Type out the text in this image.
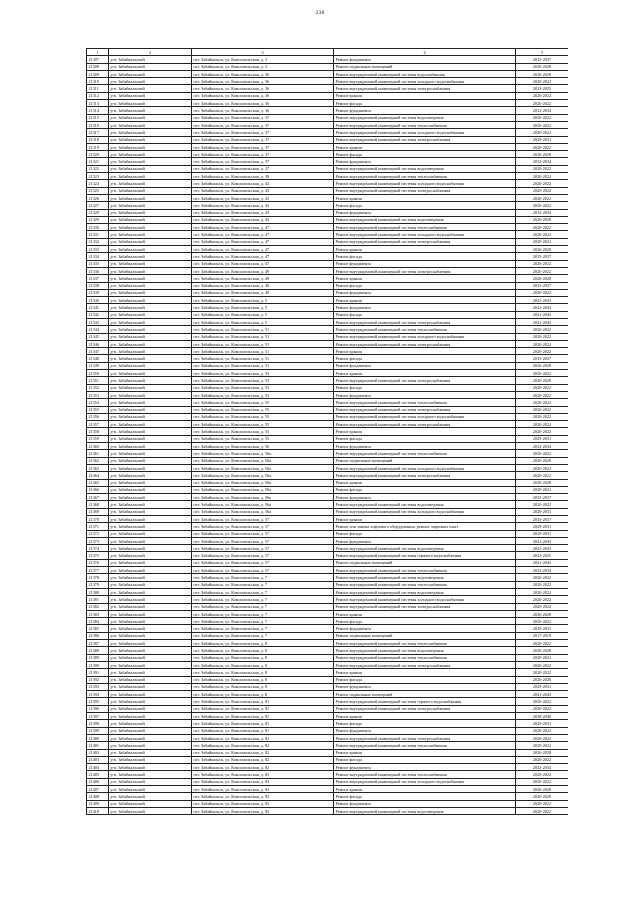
238
1	2	3	4	5
21307	р-п. Забайкальский	пгт. Забайкальск, ул. Комсомольская, д. 3	Ремонт фундамента	2035-2037
21308	р-п. Забайкальский	пгт. Забайкальск, ул. Комсомольская, д. 3	Ремонт подвальных помещений	2026-2028
21309	р-п. Забайкальский	пгт. Забайкальск, ул. Комсомольская, д. 36	Ремонт внутридомовой инженерной системы водоснабжения	2026-2028
21310	р-п. Забайкальский	пгт. Забайкальск, ул. Комсомольская, д. 36	Ремонт внутридомовой инженерной системы холодного водоснабжения	2020-2022
21311	р-п. Забайкальский	пгт. Забайкальск, ул. Комсомольская, д. 36	Ремонт внутридомовой инженерной системы электроснабжения	2023-2025
21312	р-п. Забайкальский	пгт. Забайкальск, ул. Комсомольская, д. 36	Ремонт крыши	2020-2022
21313	р-п. Забайкальский	пгт. Забайкальск, ул. Комсомольская, д. 36	Ремонт фасада	2020-2022
21314	р-п. Забайкальский	пгт. Забайкальск, ул. Комсомольская, д. 36	Ремонт фундамента	2032-2034
21315	р-п. Забайкальский	пгт. Забайкальск, ул. Комсомольская, д. 37	Ремонт внутридомовой инженерной системы водоотведения	2020-2022
21316	р-п. Забайкальский	пгт. Забайкальск, ул. Комсомольская, д. 37	Ремонт внутридомовой инженерной системы теплоснабжения	2020-2022
21317	р-п. Забайкальский	пгт. Забайкальск, ул. Комсомольская, д. 37	Ремонт внутридомовой инженерной системы холодного водоснабжения	2020-2022
21318	р-п. Забайкальский	пгт. Забайкальск, ул. Комсомольская, д. 37	Ремонт внутридомовой инженерной системы электроснабжения	2029-2031
21319	р-п. Забайкальский	пгт. Забайкальск, ул. Комсомольская, д. 37	Ремонт крыши	2020-2022
21320	р-п. Забайкальский	пгт. Забайкальск, ул. Комсомольская, д. 37	Ремонт фасада	2026-2028
21321	р-п. Забайкальский	пгт. Забайкальск, ул. Комсомольская, д. 37	Ремонт фундамента	2032-2034
21322	р-п. Забайкальский	пгт. Забайкальск, ул. Комсомольская, д. 37	Ремонт внутридомовой инженерной системы водоотведения	2020-2022
21323	р-п. Забайкальский	пгт. Забайкальск, ул. Комсомольская, д. 38	Ремонт внутридомовой инженерной системы теплоснабжения	2020-2022
21324	р-п. Забайкальский	пгт. Забайкальск, ул. Комсомольская, д. 43	Ремонт внутридомовой инженерной системы холодного водоснабжения	2020-2022
21325	р-п. Забайкальский	пгт. Забайкальск, ул. Комсомольская, д. 43	Ремонт внутридомовой инженерной системы электроснабжения	2020-2022
21326	р-п. Забайкальский	пгт. Забайкальск, ул. Комсомольская, д. 43	Ремонт крыши	2020-2022
21327	р-п. Забайкальский	пгт. Забайкальск, ул. Комсомольская, д. 43	Ремонт фасада	2020-2022
21328	р-п. Забайкальский	пгт. Забайкальск, ул. Комсомольская, д. 43	Ремонт фундамента	2032-2034
21329	р-п. Забайкальский	пгт. Забайкальск, ул. Комсомольская, д. 43	Ремонт внутридомовой инженерной системы водоотведения	2026-2028
21330	р-п. Забайкальский	пгт. Забайкальск, ул. Комсомольская, д. 47	Ремонт внутридомовой инженерной системы теплоснабжения	2020-2022
21331	р-п. Забайкальский	пгт. Забайкальск, ул. Комсомольская, д. 47	Ремонт внутридомовой инженерной системы холодного водоснабжения	2020-2022
21332	р-п. Забайкальский	пгт. Забайкальск, ул. Комсомольская, д. 47	Ремонт внутридомовой инженерной системы электроснабжения	2020-2022
21333	р-п. Забайкальский	пгт. Забайкальск, ул. Комсомольская, д. 47	Ремонт крыши	2026-2028
21334	р-п. Забайкальский	пгт. Забайкальск, ул. Комсомольская, д. 47	Ремонт фасада	2035-2037
21335	р-п. Забайкальский	пгт. Забайкальск, ул. Комсомольская, д. 47	Ремонт фундамента	2020-2022
21336	р-п. Забайкальский	пгт. Забайкальск, ул. Комсомольская, д. 49	Ремонт внутридомовой инженерной системы электроснабжения	2020-2022
21337	р-п. Забайкальский	пгт. Забайкальск, ул. Комсомольская, д. 49	Ремонт крыши	2026-2028
21338	р-п. Забайкальский	пгт. Забайкальск, ул. Комсомольская, д. 49	Ремонт фасада	2035-2037
21339	р-п. Забайкальский	пгт. Забайкальск, ул. Комсомольская, д. 49	Ремонт фундамента	2020-2022
21340	р-п. Забайкальский	пгт. Забайкальск, ул. Комсомольская, д. 5	Ремонт крыши	2041-2043
21341	р-п. Забайкальский	пгт. Забайкальск, ул. Комсомольская, д. 5	Ремонт фундамента	2041-2043
21342	р-п. Забайкальский	пгт. Забайкальск, ул. Комсомольская, д. 5	Ремонт фасада	2041-2043
21343	р-п. Забайкальский	пгт. Забайкальск, ул. Комсомольская, д. 5	Ремонт внутридомовой инженерной системы электроснабжения	2041-2043
21344	р-п. Забайкальский	пгт. Забайкальск, ул. Комсомольская, д. 51	Ремонт внутридомовой инженерной системы теплоснабжения	2020-2022
21345	р-п. Забайкальский	пгт. Забайкальск, ул. Комсомольская, д. 51	Ремонт внутридомовой инженерной системы холодного водоснабжения	2020-2022
21346	р-п. Забайкальский	пгт. Забайкальск, ул. Комсомольская, д. 51	Ремонт внутридомовой инженерной системы электроснабжения	2020-2022
21347	р-п. Забайкальский	пгт. Забайкальск, ул. Комсомольская, д. 51	Ремонт крыши	2020-2022
21348	р-п. Забайкальский	пгт. Забайкальск, ул. Комсомольская, д. 51	Ремонт фасада	2035-2037
21349	р-п. Забайкальский	пгт. Забайкальск, ул. Комсомольская, д. 51	Ремонт фундамента	2026-2028
21350	р-п. Забайкальский	пгт. Забайкальск, ул. Комсомольская, д. 53	Ремонт крыши	2020-2022
21351	р-п. Забайкальский	пгт. Забайкальск, ул. Комсомольская, д. 53	Ремонт внутридомовой инженерной системы электроснабжения	2026-2028
21352	р-п. Забайкальский	пгт. Забайкальск, ул. Комсомольская, д. 53	Ремонт фасада	2020-2022
21353	р-п. Забайкальский	пгт. Забайкальск, ул. Комсомольская, д. 53	Ремонт фундамента	2020-2022
21354	р-п. Забайкальский	пгт. Забайкальск, ул. Комсомольская, д. 55	Ремонт внутридомовой инженерной системы теплоснабжения	2020-2022
21355	р-п. Забайкальский	пгт. Забайкальск, ул. Комсомольская, д. 55	Ремонт внутридомовой инженерной системы электроснабжения	2020-2022
21356	р-п. Забайкальский	пгт. Забайкальск, ул. Комсомольская, д. 55	Ремонт внутридомовой инженерной системы холодного водоснабжения	2020-2022
21357	р-п. Забайкальский	пгт. Забайкальск, ул. Комсомольская, д. 55	Ремонт внутридомовой инженерной системы электроснабжения	2020-2022
21358	р-п. Забайкальский	пгт. Забайкальск, ул. Комсомольская, д. 55	Ремонт крыши	2020-2022
21359	р-п. Забайкальский	пгт. Забайкальск, ул. Комсомольская, д. 55	Ремонт фасада	2029-2031
21360	р-п. Забайкальский	пгт. Забайкальск, ул. Комсомольская, д. 56	Ремонт фундамента	2032-2034
21361	р-п. Забайкальский	пгт. Забайкальск, ул. Комсомольская, д. 56а	Ремонт внутридомовой инженерной системы теплоснабжения	2020-2022
21362	р-п. Забайкальский	пгт. Забайкальск, ул. Комсомольская, д. 56а	Ремонт подвальных помещений	2026-2028
21363	р-п. Забайкальский	пгт. Забайкальск, ул. Комсомольская, д. 56а	Ремонт внутридомовой инженерной системы холодного водоснабжения	2020-2022
21364	р-п. Забайкальский	пгт. Забайкальск, ул. Комсомольская, д. 56а	Ремонт внутридомовой инженерной системы электроснабжения	2020-2022
21365	р-п. Забайкальский	пгт. Забайкальск, ул. Комсомольская, д. 56а	Ремонт крыши	2026-2028
21366	р-п. Забайкальский	пгт. Забайкальск, ул. Комсомольская, д. 56а	Ремонт фасада	2020-2022
21367	р-п. Забайкальский	пгт. Забайкальск, ул. Комсомольская, д. 56а	Ремонт фундамента	2035-2037
21368	р-п. Забайкальский	пгт. Забайкальск, ул. Комсомольская, д. 56а	Ремонт внутридомовой инженерной системы водоотведения	2020-2022
21369	р-п. Забайкальский	пгт. Забайкальск, ул. Комсомольская, д. 56а	Ремонт внутридомовой инженерной системы холодного водоснабжения	2029-2031
21370	р-п. Забайкальский	пгт. Забайкальск, ул. Комсомольская, д. 57	Ремонт крыши	2035-2037
21371	р-п. Забайкальский	пгт. Забайкальск, ул. Комсомольская, д. 57	Ремонт или замена лифтового оборудования, ремонт лифтовых шахт	2029-2031
21372	р-п. Забайкальский	пгт. Забайкальск, ул. Комсомольская, д. 57	Ремонт фасада	2029-2031
21373	р-п. Забайкальский	пгт. Забайкальск, ул. Комсомольская, д. 57	Ремонт фундамента	2041-2043
21374	р-п. Забайкальский	пгт. Забайкальск, ул. Комсомольская, д. 57	Ремонт внутридомовой инженерной системы водоотведения	2041-2043
21375	р-п. Забайкальский	пгт. Забайкальск, ул. Комсомольская, д. 57	Ремонт внутридомовой инженерной системы горячего водоснабжения	2023-2025
21376	р-п. Забайкальский	пгт. Забайкальск, ул. Комсомольская, д. 57	Ремонт подвальных помещений	2041-2043
21377	р-п. Забайкальский	пгт. Забайкальск, ул. Комсомольская, д. 57	Ремонт внутридомовой инженерной системы теплоснабжения	2032-2034
21378	р-п. Забайкальский	пгт. Забайкальск, ул. Комсомольская, д. 7	Ремонт внутридомовой инженерной системы водоотведения	2020-2022
21379	р-п. Забайкальский	пгт. Забайкальск, ул. Комсомольская, д. 7	Ремонт внутридомовой инженерной системы теплоснабжения	2020-2022
21380	р-п. Забайкальский	пгт. Забайкальск, ул. Комсомольская, д. 7	Ремонт внутридомовой инженерной системы водоотведения	2020-2022
21381	р-п. Забайкальский	пгт. Забайкальск, ул. Комсомольская, д. 7	Ремонт внутридомовой инженерной системы холодного водоснабжения	2020-2022
21382	р-п. Забайкальский	пгт. Забайкальск, ул. Комсомольская, д. 7	Ремонт внутридомовой инженерной системы электроснабжения	2020-2022
21383	р-п. Забайкальский	пгт. Забайкальск, ул. Комсомольская, д. 7	Ремонт крыши	2026-2028
21384	р-п. Забайкальский	пгт. Забайкальск, ул. Комсомольская, д. 7	Ремонт фасада	2020-2022
21385	р-п. Забайкальский	пгт. Забайкальск, ул. Комсомольская, д. 7	Ремонт фундамента	2029-2031
21386	р-п. Забайкальский	пгт. Забайкальск, ул. Комсомольская, д. 7	Ремонт подвальных помещений	2017-2019
21387	р-п. Забайкальский	пгт. Забайкальск, ул. Комсомольская, д. 8	Ремонт внутридомовой инженерной системы теплоснабжения	2020-2022
21388	р-п. Забайкальский	пгт. Забайкальск, ул. Комсомольская, д. 8	Ремонт внутридомовой инженерной системы водоотведения	2026-2028
21389	р-п. Забайкальский	пгт. Забайкальск, ул. Комсомольская, д. 8	Ремонт внутридомовой инженерной системы теплоснабжения	2020-2022
21390	р-п. Забайкальский	пгт. Забайкальск, ул. Комсомольская, д. 8	Ремонт внутридомовой инженерной системы электроснабжения	2020-2022
21391	р-п. Забайкальский	пгт. Забайкальск, ул. Комсомольская, д. 8	Ремонт крыши	2020-2022
21392	р-п. Забайкальский	пгт. Забайкальск, ул. Комсомольская, д. 8	Ремонт фасада	2026-2028
21393	р-п. Забайкальский	пгт. Забайкальск, ул. Комсомольская, д. 8	Ремонт фундамента	2029-2031
21394	р-п. Забайкальский	пгт. Забайкальск, ул. Комсомольская, д. 8	Ремонт подвальных помещений	2041-2043
21395	р-п. Забайкальский	пгт. Забайкальск, ул. Комсомольская, д. 81	Ремонт внутридомовой инженерной системы горячего водоснабжения	2020-2022
21396	р-п. Забайкальский	пгт. Забайкальск, ул. Комсомольская, д. 81	Ремонт внутридомовой инженерной системы электроснабжения	2020-2022
21397	р-п. Забайкальский	пгт. Забайкальск, ул. Комсомольская, д. 81	Ремонт крыши	2038-2040
21398	р-п. Забайкальский	пгт. Забайкальск, ул. Комсомольская, д. 81	Ремонт фасада	2029-2031
21399	р-п. Забайкальский	пгт. Забайкальск, ул. Комсомольская, д. 81	Ремонт фундамента	2020-2022
21400	р-п. Забайкальский	пгт. Забайкальск, ул. Комсомольская, д. 82	Ремонт внутридомовой инженерной системы электроснабжения	2020-2022
21401	р-п. Забайкальский	пгт. Забайкальск, ул. Комсомольская, д. 82	Ремонт внутридомовой инженерной системы теплоснабжения	2020-2022
21402	р-п. Забайкальский	пгт. Забайкальск, ул. Комсомольская, д. 82	Ремонт крыши	2026-2028
21403	р-п. Забайкальский	пгт. Забайкальск, ул. Комсомольская, д. 82	Ремонт фасада	2020-2022
21404	р-п. Забайкальский	пгт. Забайкальск, ул. Комсомольская, д. 82	Ремонт фундамента	2032-2034
21405	р-п. Забайкальский	пгт. Забайкальск, ул. Комсомольская, д. 83	Ремонт внутридомовой инженерной системы теплоснабжения	2020-2022
21406	р-п. Забайкальский	пгт. Забайкальск, ул. Комсомольская, д. 83	Ремонт внутридомовой инженерной системы холодного водоснабжения	2020-2022
21407	р-п. Забайкальский	пгт. Забайкальск, ул. Комсомольская, д. 83	Ремонт крыши	2026-2028
21408	р-п. Забайкальский	пгт. Забайкальск, ул. Комсомольская, д. 83	Ремонт фасада	2026-2028
21409	р-п. Забайкальский	пгт. Забайкальск, ул. Комсомольская, д. 83	Ремонт фундамента	2020-2022
21410	р-п. Забайкальский	пгт. Забайкальск, ул. Комсомольская, д. 83	Ремонт внутридомовой инженерной системы водоотведения	2020-2022
